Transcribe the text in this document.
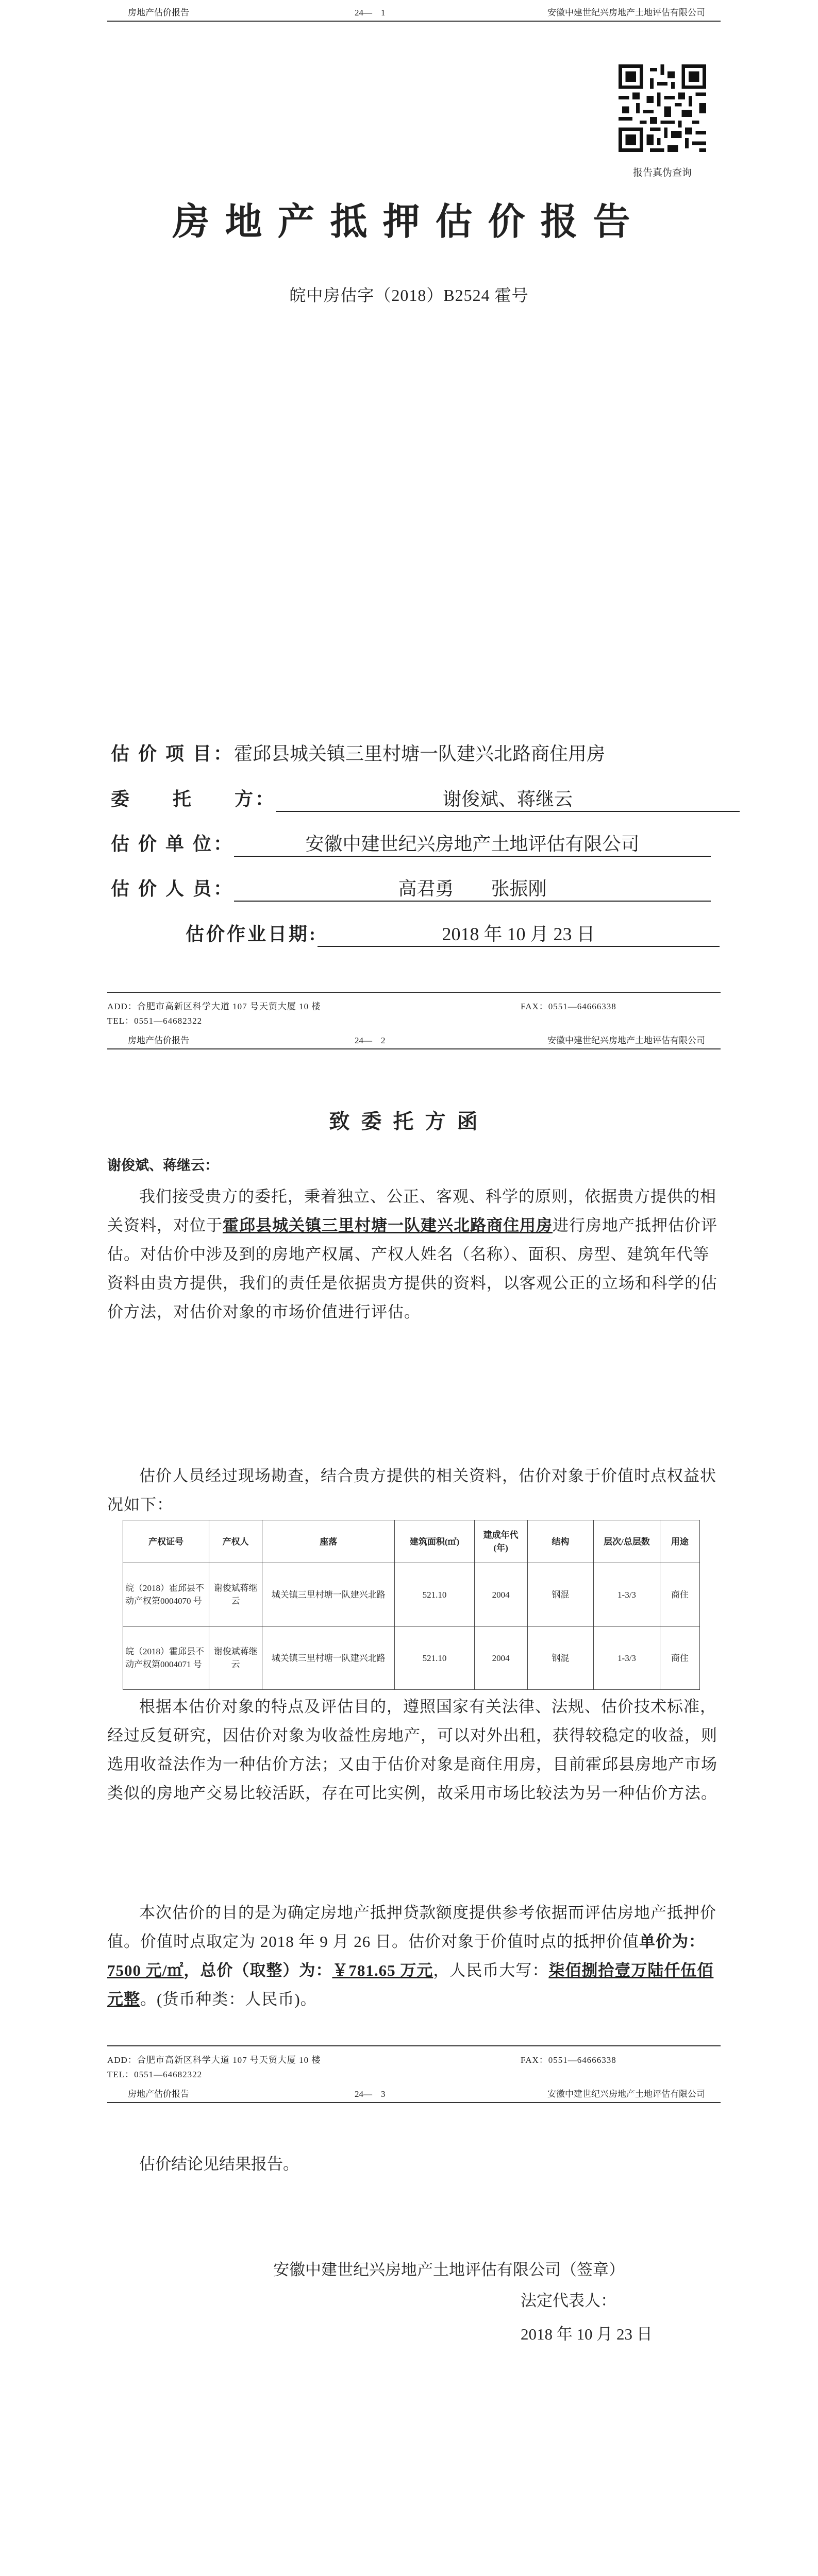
房地产估价报告	24—　1	安徽中建世纪兴房地产土地评估有限公司
报告真伪查询
房地产抵押估价报告
皖中房估字（2018）B2524 霍号
估 价 项 目：霍邱县城关镇三里村塘一队建兴北路商住用房
委　　托　　方：	谢俊斌、蒋继云
估 价 单 位：	安徽中建世纪兴房地产土地评估有限公司
估 价 人 员：	高君勇　　张振刚
估价作业日期:	2018 年 10 月 23 日
ADD：合肥市高新区科学大道 107 号天贸大厦 10 楼	FAX：0551—64666338
TEL：0551—64682322
房地产估价报告	24—　2	安徽中建世纪兴房地产土地评估有限公司
致委托方函
谢俊斌、蒋继云：

我们接受贵方的委托，秉着独立、公正、客观、科学的原则，依据贵方提供的相关资料，对位于霍邱县城关镇三里村塘一队建兴北路商住用房进行房地产抵押估价评估。对估价中涉及到的房地产权属、产权人姓名（名称）、面积、房型、建筑年代等资料由贵方提供，我们的责任是依据贵方提供的资料，以客观公正的立场和科学的估价方法，对估价对象的市场价值进行评估。

估价人员经过现场勘查，结合贵方提供的相关资料，估价对象于价值时点权益状况如下：

产权证号	产权人	座落	建筑面积(㎡)	建成年代(年)	结构	层次/总层数	用途
皖（2018）霍邱县不动产权第0004070 号	谢俊斌蒋继云	城关镇三里村塘一队建兴北路	521.10	2004	钢混	1-3/3	商住
皖（2018）霍邱县不动产权第0004071 号	谢俊斌蒋继云	城关镇三里村塘一队建兴北路	521.10	2004	钢混	1-3/3	商住

根据本估价对象的特点及评估目的，遵照国家有关法律、法规、估价技术标准，经过反复研究，因估价对象为收益性房地产，可以对外出租，获得较稳定的收益，则选用收益法作为一种估价方法；又由于估价对象是商住用房，目前霍邱县房地产市场类似的房地产交易比较活跃，存在可比实例，故采用市场比较法为另一种估价方法。

本次估价的目的是为确定房地产抵押贷款额度提供参考依据而评估房地产抵押价值。价值时点取定为 2018 年 9 月 26 日。估价对象于价值时点的抵押价值单价为：7500 元/㎡，总价（取整）为：￥781.65 万元，人民币大写：柒佰捌拾壹万陆仟伍佰元整。(货币种类：人民币)。

ADD：合肥市高新区科学大道 107 号天贸大厦 10 楼	FAX：0551—64666338
TEL：0551—64682322
房地产估价报告	24—　3	安徽中建世纪兴房地产土地评估有限公司
估价结论见结果报告。
安徽中建世纪兴房地产土地评估有限公司（签章）
法定代表人：
2018 年 10 月 23 日
